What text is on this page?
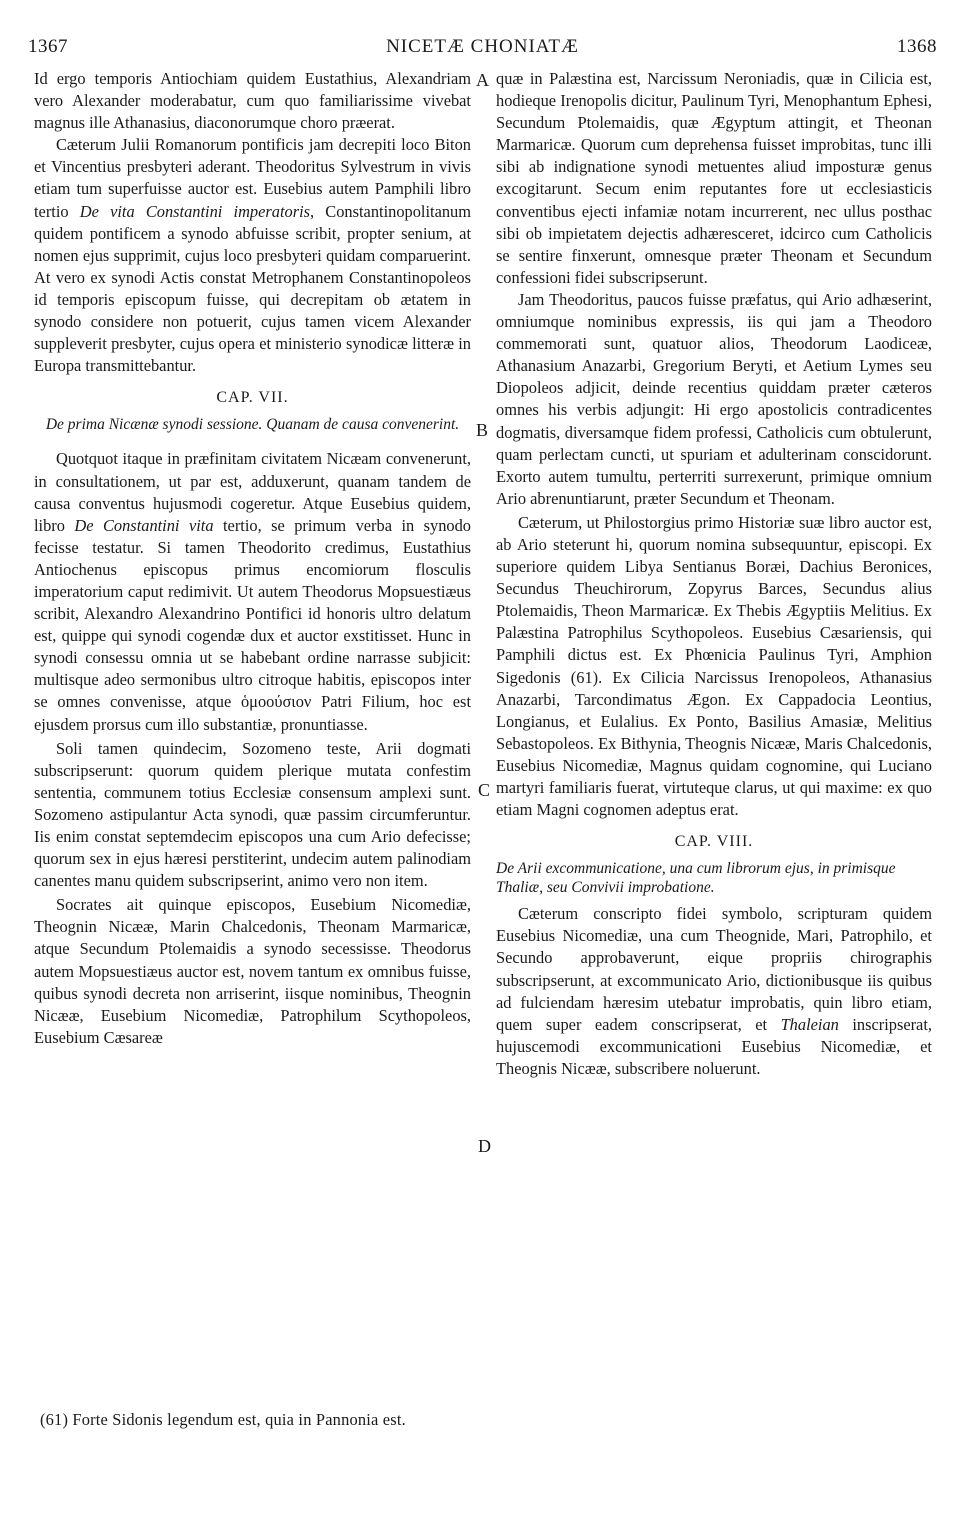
1367	NICETÆ CHONIATÆ	1368
A
B
C
D

Id ergo temporis Antiochiam quidem Eustathius, Alexandriam vero Alexander moderabatur, cum quo familiarissime vivebat magnus ille Athanasius, diaconorumque choro præerat.

Cæterum Julii Romanorum pontificis jam decrepiti loco Biton et Vincentius presbyteri aderant. Theodoritus Sylvestrum in vivis etiam tum superfuisse auctor est. Eusebius autem Pamphili libro tertio De vita Constantini imperatoris, Constantinopolitanum quidem pontificem a synodo abfuisse scribit, propter senium, at nomen ejus supprimit, cujus loco presbyteri quidam comparuerint. At vero ex synodi Actis constat Metrophanem Constantinopoleos id temporis episcopum fuisse, qui decrepitam ob ætatem in synodo considere non potuerit, cujus tamen vicem Alexander suppleverit presbyter, cujus opera et ministerio synodicæ litteræ in Europa transmittebantur.

CAP. VII.

De prima Nicænæ synodi sessione. Quanam de causa convenerint.

Quotquot itaque in præfinitam civitatem Nicæam convenerunt, in consultationem, ut par est, adduxerunt, quanam tandem de causa conventus hujusmodi cogeretur. Atque Eusebius quidem, libro De Constantini vita tertio, se primum verba in synodo fecisse testatur. Si tamen Theodorito credimus, Eustathius Antiochenus episcopus primus encomiorum flosculis imperatorium caput redimivit. Ut autem Theodorus Mopsuestiæus scribit, Alexandro Alexandrino Pontifici id honoris ultro delatum est, quippe qui synodi cogendæ dux et auctor exstitisset. Hunc in synodi consessu omnia ut se habebant ordine narrasse subjicit: multisque adeo sermonibus ultro citroque habitis, episcopos inter se omnes convenisse, atque ὁμοούσιον Patri Filium, hoc est ejusdem prorsus cum illo substantiæ, pronuntiasse.

Soli tamen quindecim, Sozomeno teste, Arii dogmati subscripserunt: quorum quidem plerique mutata confestim sententia, communem totius Ecclesiæ consensum amplexi sunt. Sozomeno astipulantur Acta synodi, quæ passim circumferuntur. Iis enim constat septemdecim episcopos una cum Ario defecisse; quorum sex in ejus hæresi perstiterint, undecim autem palinodiam canentes manu quidem subscripserint, animo vero non item.

Socrates ait quinque episcopos, Eusebium Nicomediæ, Theognin Nicææ, Marin Chalcedonis, Theonam Marmaricæ, atque Secundum Ptolemaidis a synodo secessisse. Theodorus autem Mopsuestiæus auctor est, novem tantum ex omnibus fuisse, quibus synodi decreta non arriserint, iisque nominibus, Theognin Nicææ, Eusebium Nicomediæ, Patrophilum Scythopoleos, Eusebium Cæsareæ

quæ in Palæstina est, Narcissum Neroniadis, quæ in Cilicia est, hodieque Irenopolis dicitur, Paulinum Tyri, Menophantum Ephesi, Secundum Ptolemaidis, quæ Ægyptum attingit, et Theonan Marmaricæ. Quorum cum deprehensa fuisset improbitas, tunc illi sibi ab indignatione synodi metuentes aliud imposturæ genus excogitarunt. Secum enim reputantes fore ut ecclesiasticis conventibus ejecti infamiæ notam incurrerent, nec ullus posthac sibi ob impietatem dejectis adhæresceret, idcirco cum Catholicis se sentire finxerunt, omnesque præter Theonam et Secundum confessioni fidei subscripserunt.

Jam Theodoritus, paucos fuisse præfatus, qui Ario adhæserint, omniumque nominibus expressis, iis qui jam a Theodoro commemorati sunt, quatuor alios, Theodorum Laodiceæ, Athanasium Anazarbi, Gregorium Beryti, et Aetium Lymes seu Diopoleos adjicit, deinde recentius quiddam præter cæteros omnes his verbis adjungit: Hi ergo apostolicis contradicentes dogmatis, diversamque fidem professi, Catholicis cum obtulerunt, quam perlectam cuncti, ut spuriam et adulterinam conscidorunt. Exorto autem tumultu, perterriti surrexerunt, primique omnium Ario abrenuntiarunt, præter Secundum et Theonam.

Cæterum, ut Philostorgius primo Historiæ suæ libro auctor est, ab Ario steterunt hi, quorum nomina subsequuntur, episcopi. Ex superiore quidem Libya Sentianus Boræi, Dachius Beronices, Secundus Theuchirorum, Zopyrus Barces, Secundus alius Ptolemaidis, Theon Marmaricæ. Ex Thebis Ægyptiis Melitius. Ex Palæstina Patrophilus Scythopoleos. Eusebius Cæsariensis, qui Pamphili dictus est. Ex Phœnicia Paulinus Tyri, Amphion Sigedonis (61). Ex Cilicia Narcissus Irenopoleos, Athanasius Anazarbi, Tarcondimatus Ægon. Ex Cappadocia Leontius, Longianus, et Eulalius. Ex Ponto, Basilius Amasiæ, Melitius Sebastopoleos. Ex Bithynia, Theognis Nicææ, Maris Chalcedonis, Eusebius Nicomediæ, Magnus quidam cognomine, qui Luciano martyri familiaris fuerat, virtuteque clarus, ut qui maxime: ex quo etiam Magni cognomen adeptus erat.

CAP. VIII.

De Arii excommunicatione, una cum librorum ejus, in primisque Thaliæ, seu Convivii improbatione.

Cæterum conscripto fidei symbolo, scripturam quidem Eusebius Nicomediæ, una cum Theognide, Mari, Patrophilo, et Secundo approbaverunt, eique propriis chirographis subscripserunt, at excommunicato Ario, dictionibusque iis quibus ad fulciendam hæresim utebatur improbatis, quin libro etiam, quem super eadem conscripserat, et Thaleian inscripserat, hujuscemodi excommunicationi Eusebius Nicomediæ, et Theognis Nicææ, subscribere noluerunt.

(61) Forte Sidonis legendum est, quia in Pannonia est.
